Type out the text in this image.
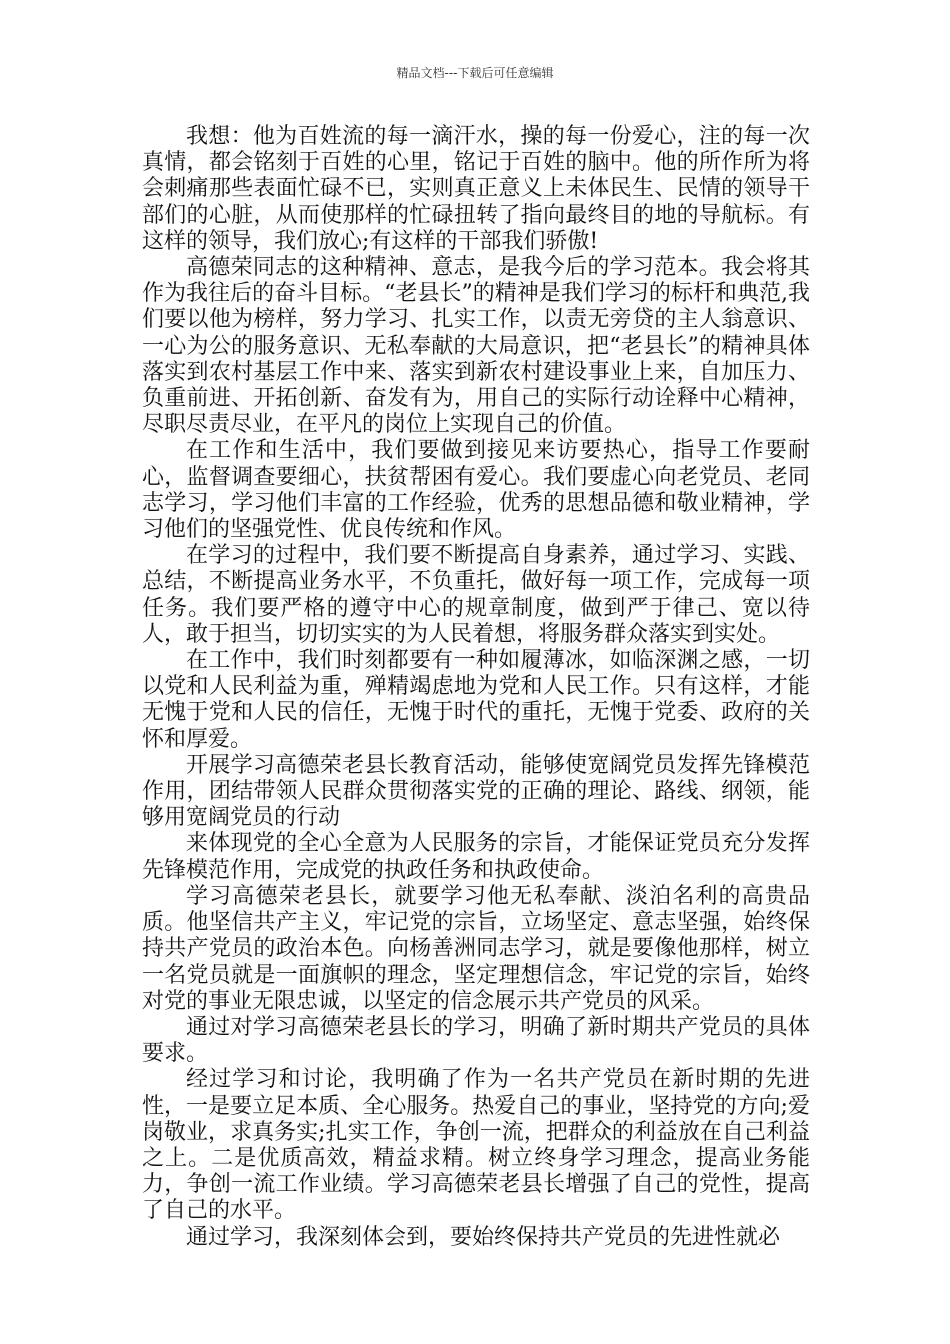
精品文档---下载后可任意编辑

我想：他为百姓流的每一滴汗水，操的每一份爱心，注的每一次真情，都会铭刻于百姓的心里，铭记于百姓的脑中。他的所作所为将会刺痛那些表面忙碌不已，实则真正意义上未体民生、民情的领导干部们的心脏，从而使那样的忙碌扭转了指向最终目的地的导航标。有这样的领导，我们放心;有这样的干部我们骄傲!

高德荣同志的这种精神、意志，是我今后的学习范本。我会将其作为我往后的奋斗目标。“老县长”的精神是我们学习的标杆和典范,我们要以他为榜样，努力学习、扎实工作，以责无旁贷的主人翁意识、一心为公的服务意识、无私奉献的大局意识，把“老县长”的精神具体落实到农村基层工作中来、落实到新农村建设事业上来，自加压力、负重前进、开拓创新、奋发有为，用自己的实际行动诠释中心精神，尽职尽责尽业，在平凡的岗位上实现自己的价值。

在工作和生活中，我们要做到接见来访要热心，指导工作要耐心，监督调查要细心，扶贫帮困有爱心。我们要虚心向老党员、老同志学习，学习他们丰富的工作经验，优秀的思想品德和敬业精神，学习他们的坚强党性、优良传统和作风。

在学习的过程中，我们要不断提高自身素养，通过学习、实践、总结，不断提高业务水平，不负重托，做好每一项工作，完成每一项任务。我们要严格的遵守中心的规章制度，做到严于律己、宽以待人，敢于担当，切切实实的为人民着想，将服务群众落实到实处。

在工作中，我们时刻都要有一种如履薄冰，如临深渊之感，一切以党和人民利益为重，殚精竭虑地为党和人民工作。只有这样，才能无愧于党和人民的信任，无愧于时代的重托，无愧于党委、政府的关怀和厚爱。

开展学习高德荣老县长教育活动，能够使宽阔党员发挥先锋模范作用，团结带领人民群众贯彻落实党的正确的理论、路线、纲领，能够用宽阔党员的行动

来体现党的全心全意为人民服务的宗旨，才能保证党员充分发挥先锋模范作用，完成党的执政任务和执政使命。

学习高德荣老县长，就要学习他无私奉献、淡泊名利的高贵品质。他坚信共产主义，牢记党的宗旨，立场坚定、意志坚强，始终保持共产党员的政治本色。向杨善洲同志学习，就是要像他那样，树立一名党员就是一面旗帜的理念，坚定理想信念，牢记党的宗旨，始终对党的事业无限忠诚，以坚定的信念展示共产党员的风采。

通过对学习高德荣老县长的学习，明确了新时期共产党员的具体要求。

经过学习和讨论，我明确了作为一名共产党员在新时期的先进性，一是要立足本质、全心服务。热爱自己的事业，坚持党的方向;爱岗敬业，求真务实;扎实工作，争创一流，把群众的利益放在自己利益之上。二是优质高效，精益求精。树立终身学习理念，提高业务能力，争创一流工作业绩。学习高德荣老县长增强了自己的党性，提高了自己的水平。

通过学习，我深刻体会到，要始终保持共产党员的先进性就必
